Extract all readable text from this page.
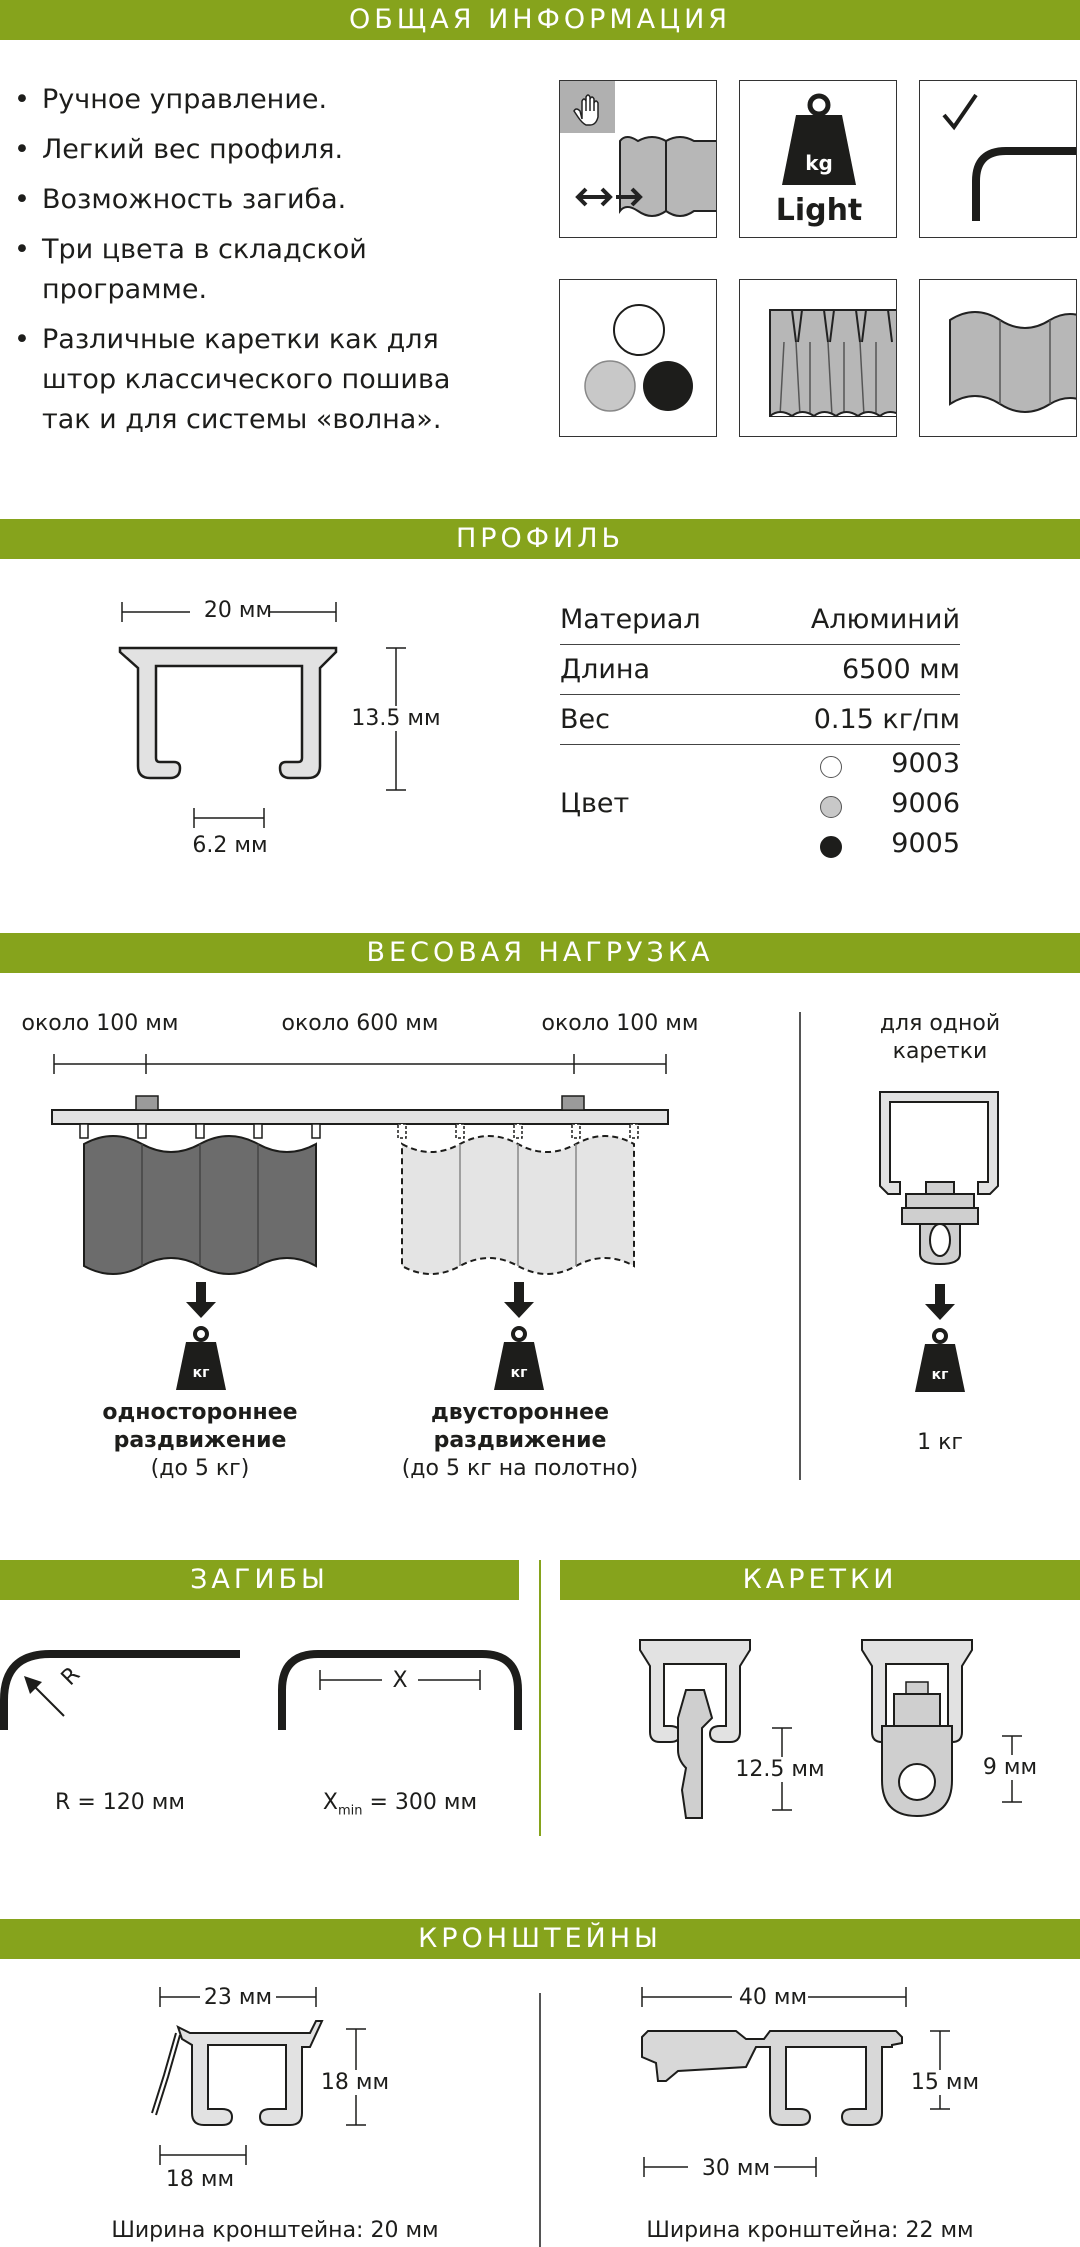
ОБЩАЯ ИНФОРМАЦИЯ
• Ручное управление.
• Легкий вес профиля.
• Возможность загиба.
• Три цвета в складской программе.
• Различные каретки как для штор классического пошива так и для системы «волна».
kg
Light
ПРОФИЛЬ
20 мм
13.5 мм
6.2 мм
Материал	Алюминий
Длина	6500 мм
Вес	0.15 кг/пм
Цвет
9003
9006
9005
ВЕСОВАЯ НАГРУЗКА
около 100 мм	около 600 мм	около 100 мм
кг	кг
одностороннее
раздвижение
(до 5 кг)
двустороннее
раздвижение
(до 5 кг на полотно)
для одной
каретки
кг
1 кг
ЗАГИБЫ	КАРЕТКИ
R	X
R = 120 мм	$X_{min} = 300$ мм
12.5 мм	9 мм
КРОНШТЕЙНЫ
23 мм
18 мм
18 мм
Ширина кронштейна: 20 мм
40 мм
15 мм
30 мм
Ширина кронштейна: 22 мм
